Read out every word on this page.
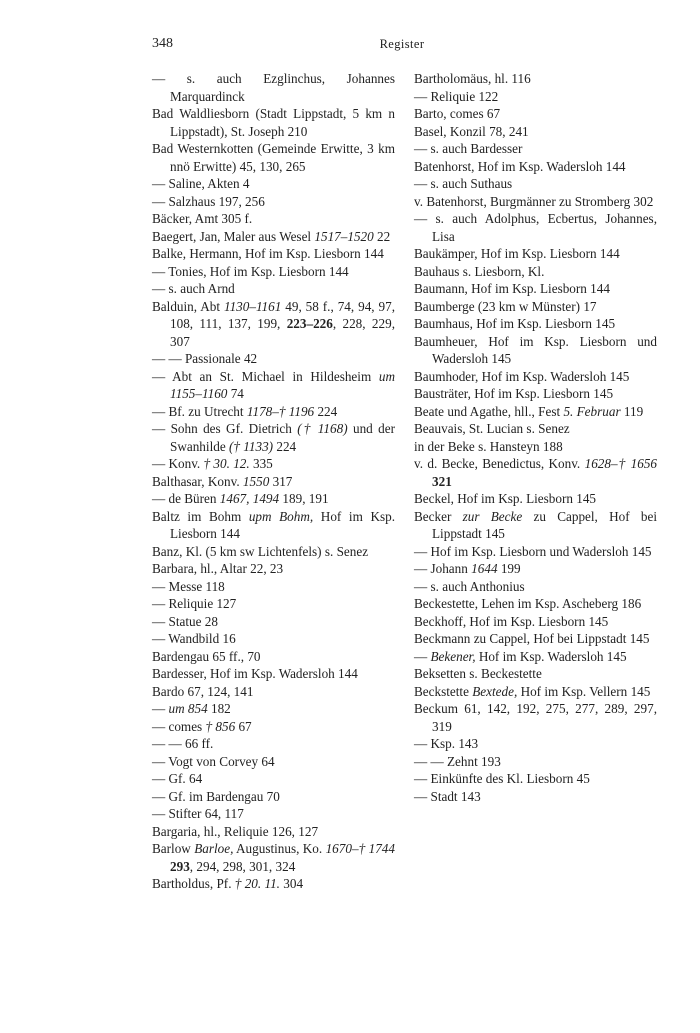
348	Register

— s. auch Ezglinchus, Johannes Marquardinck

Bad Waldliesborn (Stadt Lippstadt, 5 km n Lippstadt), St. Joseph 210

Bad Westernkotten (Gemeinde Erwitte, 3 km nnö Erwitte) 45, 130, 265

— Saline, Akten 4

— Salzhaus 197, 256

Bäcker, Amt 305 f.

Baegert, Jan, Maler aus Wesel 1517–1520 22

Balke, Hermann, Hof im Ksp. Liesborn 144

— Tonies, Hof im Ksp. Liesborn 144

— s. auch Arnd

Balduin, Abt 1130–1161 49, 58 f., 74, 94, 97, 108, 111, 137, 199, 223–226, 228, 229, 307

— — Passionale 42

— Abt an St. Michael in Hildesheim um 1155–1160 74

— Bf. zu Utrecht 1178–† 1196 224

— Sohn des Gf. Dietrich († 1168) und der Swanhilde († 1133) 224

— Konv. † 30. 12. 335

Balthasar, Konv. 1550 317

— de Büren 1467, 1494 189, 191

Baltz im Bohm upm Bohm, Hof im Ksp. Liesborn 144

Banz, Kl. (5 km sw Lichtenfels) s. Senez

Barbara, hl., Altar 22, 23

— Messe 118

— Reliquie 127

— Statue 28

— Wandbild 16

Bardengau 65 ff., 70

Bardesser, Hof im Ksp. Wadersloh 144

Bardo 67, 124, 141

— um 854 182

— comes † 856 67

— — 66 ff.

— Vogt von Corvey 64

— Gf. 64

— Gf. im Bardengau 70

— Stifter 64, 117

Bargaria, hl., Reliquie 126, 127

Barlow Barloe, Augustinus, Ko. 1670–† 1744 293, 294, 298, 301, 324

Bartholdus, Pf. † 20. 11. 304

Bartholomäus, hl. 116

— Reliquie 122

Barto, comes 67

Basel, Konzil 78, 241

— s. auch Bardesser

Batenhorst, Hof im Ksp. Wadersloh 144

— s. auch Suthaus

v. Batenhorst, Burgmänner zu Stromberg 302

— s. auch Adolphus, Ecbertus, Johannes, Lisa

Baukämper, Hof im Ksp. Liesborn 144

Bauhaus s. Liesborn, Kl.

Baumann, Hof im Ksp. Liesborn 144

Baumberge (23 km w Münster) 17

Baumhaus, Hof im Ksp. Liesborn 145

Baumheuer, Hof im Ksp. Liesborn und Wadersloh 145

Baumhoder, Hof im Ksp. Wadersloh 145

Bausträter, Hof im Ksp. Liesborn 145

Beate und Agathe, hll., Fest 5. Februar 119

Beauvais, St. Lucian s. Senez

in der Beke s. Hansteyn 188

v. d. Becke, Benedictus, Konv. 1628–† 1656 321

Beckel, Hof im Ksp. Liesborn 145

Becker zur Becke zu Cappel, Hof bei Lippstadt 145

— Hof im Ksp. Liesborn und Wadersloh 145

— Johann 1644 199

— s. auch Anthonius

Beckestette, Lehen im Ksp. Ascheberg 186

Beckhoff, Hof im Ksp. Liesborn 145

Beckmann zu Cappel, Hof bei Lippstadt 145

— Bekener, Hof im Ksp. Wadersloh 145

Beksetten s. Beckestette

Beckstette Bextede, Hof im Ksp. Vellern 145

Beckum 61, 142, 192, 275, 277, 289, 297, 319

— Ksp. 143

— — Zehnt 193

— Einkünfte des Kl. Liesborn 45

— Stadt 143
